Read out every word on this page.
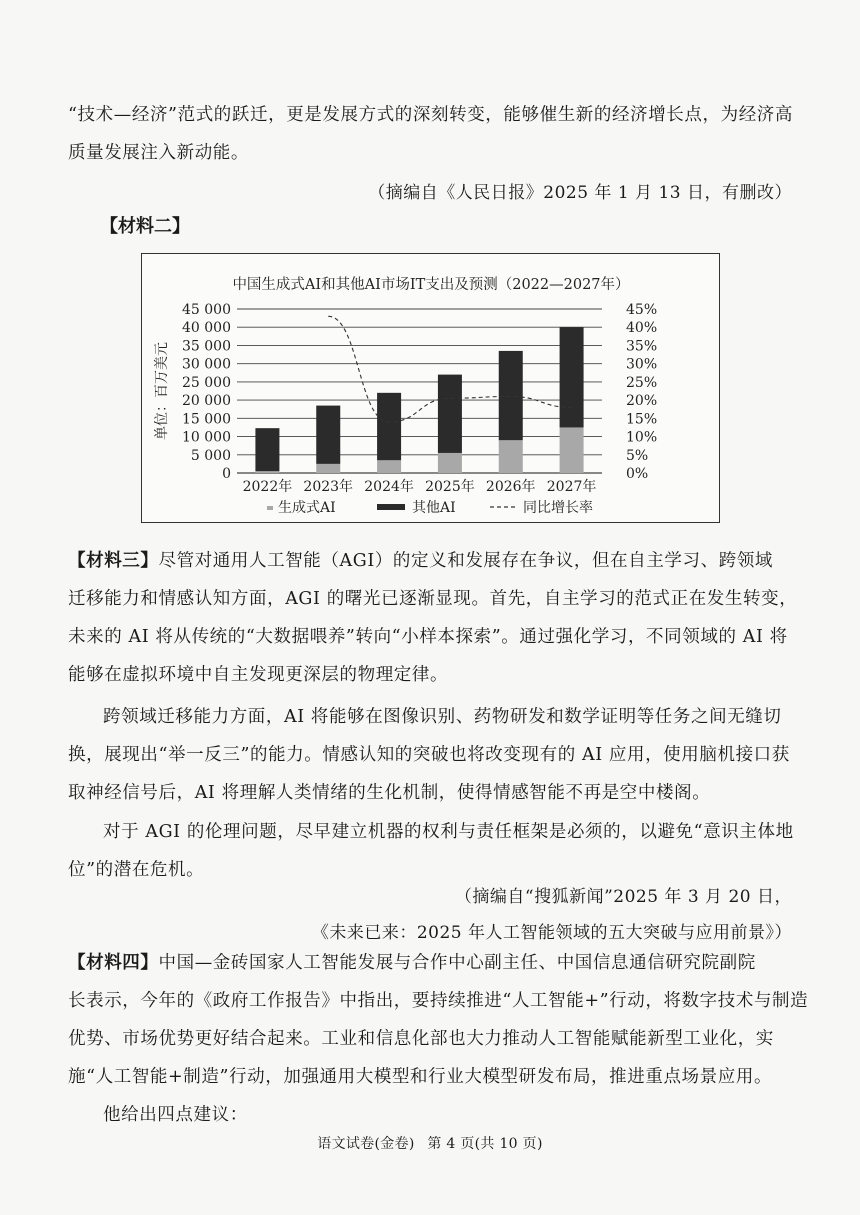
“技术—经济”范式的跃迁，更是发展方式的深刻转变，能够催生新的经济增长点，为经济高
质量发展注入新动能。
（摘编自《人民日报》2025 年 1 月 13 日，有删改）
【材料二】
中国生成式AI和其他AI市场IT支出及预测（2022—2027年）
单位：百万美元
45 000
40 000
35 000
30 000
25 000
20 000
15 000
10 000
5 000
0
45%
40%
35%
30%
25%
20%
15%
10%
5%
0%
2022年 2023年 2024年 2025年 2026年 2027年
生成式AI	其他AI	同比增长率
【材料三】尽管对通用人工智能（AGI）的定义和发展存在争议，但在自主学习、跨领域
迁移能力和情感认知方面，AGI 的曙光已逐渐显现。首先，自主学习的范式正在发生转变，
未来的 AI 将从传统的“大数据喂养”转向“小样本探索”。通过强化学习，不同领域的 AI 将
能够在虚拟环境中自主发现更深层的物理定律。
跨领域迁移能力方面，AI 将能够在图像识别、药物研发和数学证明等任务之间无缝切
换，展现出“举一反三”的能力。情感认知的突破也将改变现有的 AI 应用，使用脑机接口获
取神经信号后，AI 将理解人类情绪的生化机制，使得情感智能不再是空中楼阁。
对于 AGI 的伦理问题，尽早建立机器的权利与责任框架是必须的，以避免“意识主体地
位”的潜在危机。
（摘编自“搜狐新闻”2025 年 3 月 20 日，
《未来已来：2025 年人工智能领域的五大突破与应用前景》）
【材料四】中国—金砖国家人工智能发展与合作中心副主任、中国信息通信研究院副院
长表示，今年的《政府工作报告》中指出，要持续推进“人工智能+”行动，将数字技术与制造
优势、市场优势更好结合起来。工业和信息化部也大力推动人工智能赋能新型工业化，实
施“人工智能+制造”行动，加强通用大模型和行业大模型研发布局，推进重点场景应用。
他给出四点建议：
语文试卷(金卷) 第 4 页(共 10 页)
